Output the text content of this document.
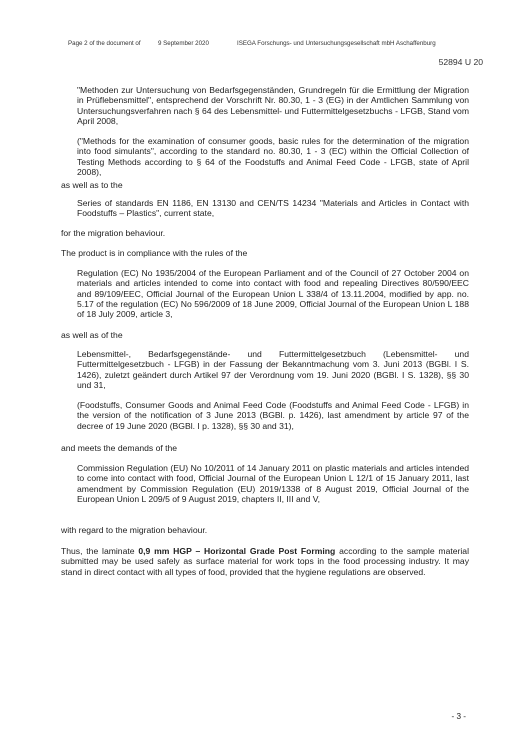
Page 2 of the document of	9 September 2020	ISEGA Forschungs- und Untersuchungsgesellschaft mbH Aschaffenburg
52894 U 20

"Methoden zur Untersuchung von Bedarfsgegenständen, Grundregeln für die Ermittlung der Migration in Prüflebensmittel", entsprechend der Vorschrift Nr. 80.30, 1 - 3 (EG) in der Amtlichen Sammlung von Untersuchungsverfahren nach § 64 des Lebensmittel- und Futtermittelgesetzbuchs - LFGB, Stand vom April 2008,

("Methods for the examination of consumer goods, basic rules for the determination of the migration into food simulants", according to the standard no. 80.30, 1 - 3 (EC) within the Official Collection of Testing Methods according to § 64 of the Foodstuffs and Animal Feed Code - LFGB, state of April 2008),

as well as to the

Series of standards EN 1186, EN 13130 and CEN/TS 14234 "Materials and Articles in Contact with Foodstuffs – Plastics", current state,

for the migration behaviour.

The product is in compliance with the rules of the

Regulation (EC) No 1935/2004 of the European Parliament and of the Council of 27 October 2004 on materials and articles intended to come into contact with food and repealing Directives 80/590/EEC and 89/109/EEC, Official Journal of the European Union L 338/4 of 13.11.2004, modified by app. no. 5.17 of the regulation (EC) No 596/2009 of 18 June 2009, Official Journal of the European Union L 188 of 18 July 2009, article 3,

as well as of the

Lebensmittel-, Bedarfsgegenstände- und Futtermittelgesetzbuch (Lebensmittel- und Futtermittelgesetzbuch - LFGB) in der Fassung der Bekanntmachung vom 3. Juni 2013 (BGBl. I S. 1426), zuletzt geändert durch Artikel 97 der Verordnung vom 19. Juni 2020 (BGBl. I S. 1328), §§ 30 und 31,

(Foodstuffs, Consumer Goods and Animal Feed Code (Foodstuffs and Animal Feed Code - LFGB) in the version of the notification of 3 June 2013 (BGBl. p. 1426), last amendment by article 97 of the decree of 19 June 2020 (BGBl. I p. 1328), §§ 30 and 31),

and meets the demands of the

Commission Regulation (EU) No 10/2011 of 14 January 2011 on plastic materials and articles intended to come into contact with food, Official Journal of the European Union L 12/1 of 15 January 2011, last amendment by Commission Regulation (EU) 2019/1338 of 8 August 2019, Official Journal of the European Union L 209/5 of 9 August 2019, chapters II, III and V,

with regard to the migration behaviour.

Thus, the laminate 0,9 mm HGP – Horizontal Grade Post Forming according to the sample material submitted may be used safely as surface material for work tops in the food processing industry. It may stand in direct contact with all types of food, provided that the hygiene regulations are observed.

- 3 -
